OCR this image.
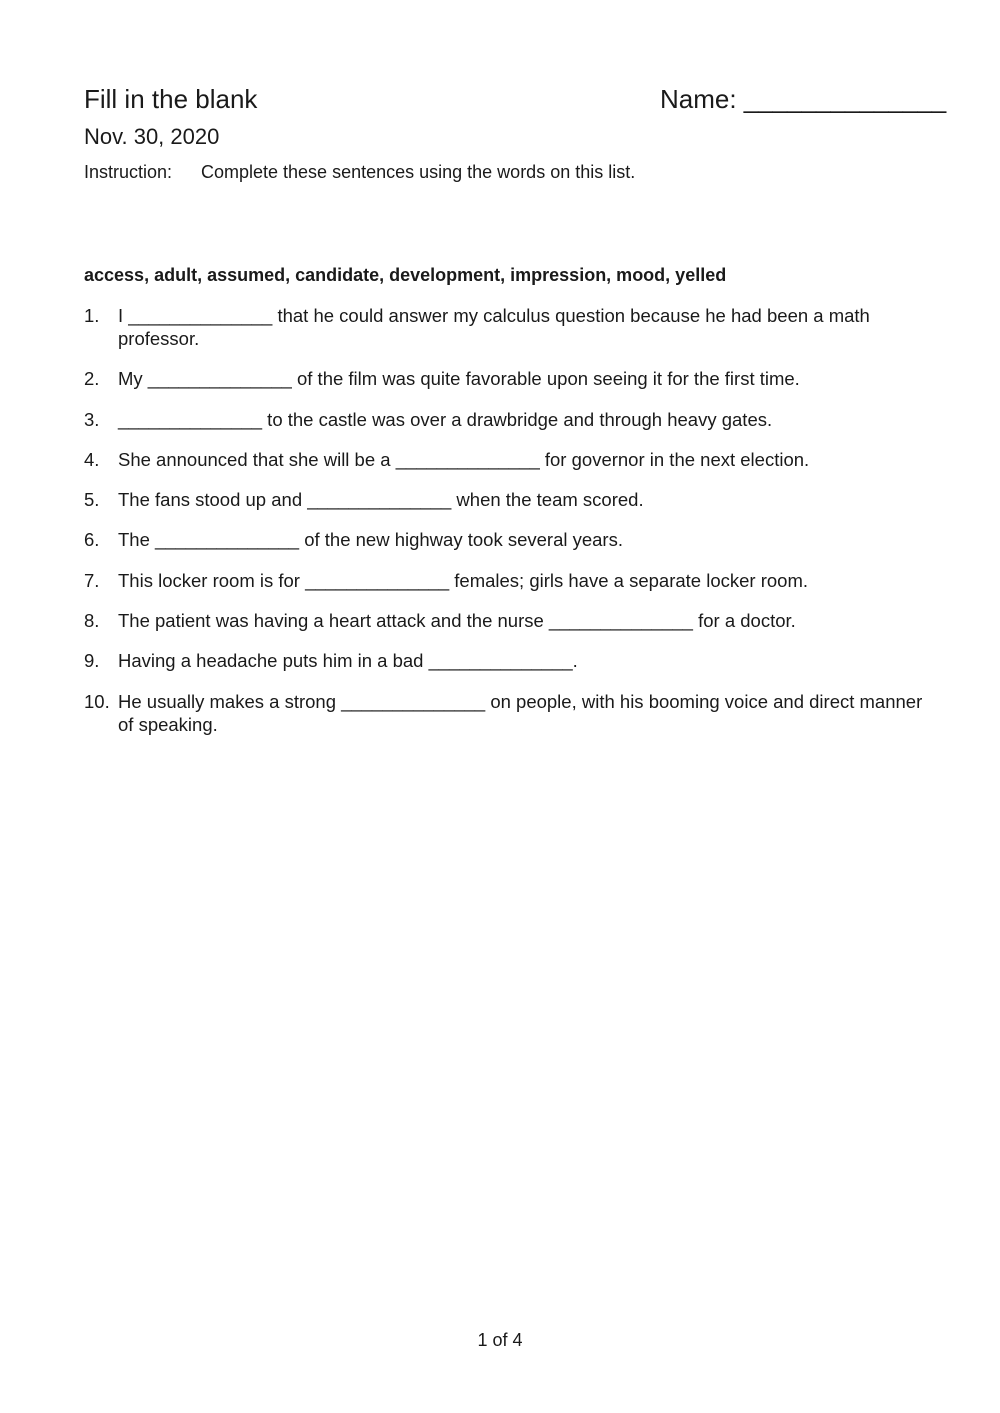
Fill in the blank	Name: ______________
Nov. 30, 2020
Instruction: Complete these sentences using the words on this list.
access, adult, assumed, candidate, development, impression, mood, yelled
1. I ______________ that he could answer my calculus question because he had been a math professor.
2. My ______________ of the film was quite favorable upon seeing it for the first time.
3. ______________ to the castle was over a drawbridge and through heavy gates.
4. She announced that she will be a ______________ for governor in the next election.
5. The fans stood up and ______________ when the team scored.
6. The ______________ of the new highway took several years.
7. This locker room is for ______________ females; girls have a separate locker room.
8. The patient was having a heart attack and the nurse ______________ for a doctor.
9. Having a headache puts him in a bad ______________.
10. He usually makes a strong ______________ on people, with his booming voice and direct manner of speaking.
1 of 4
